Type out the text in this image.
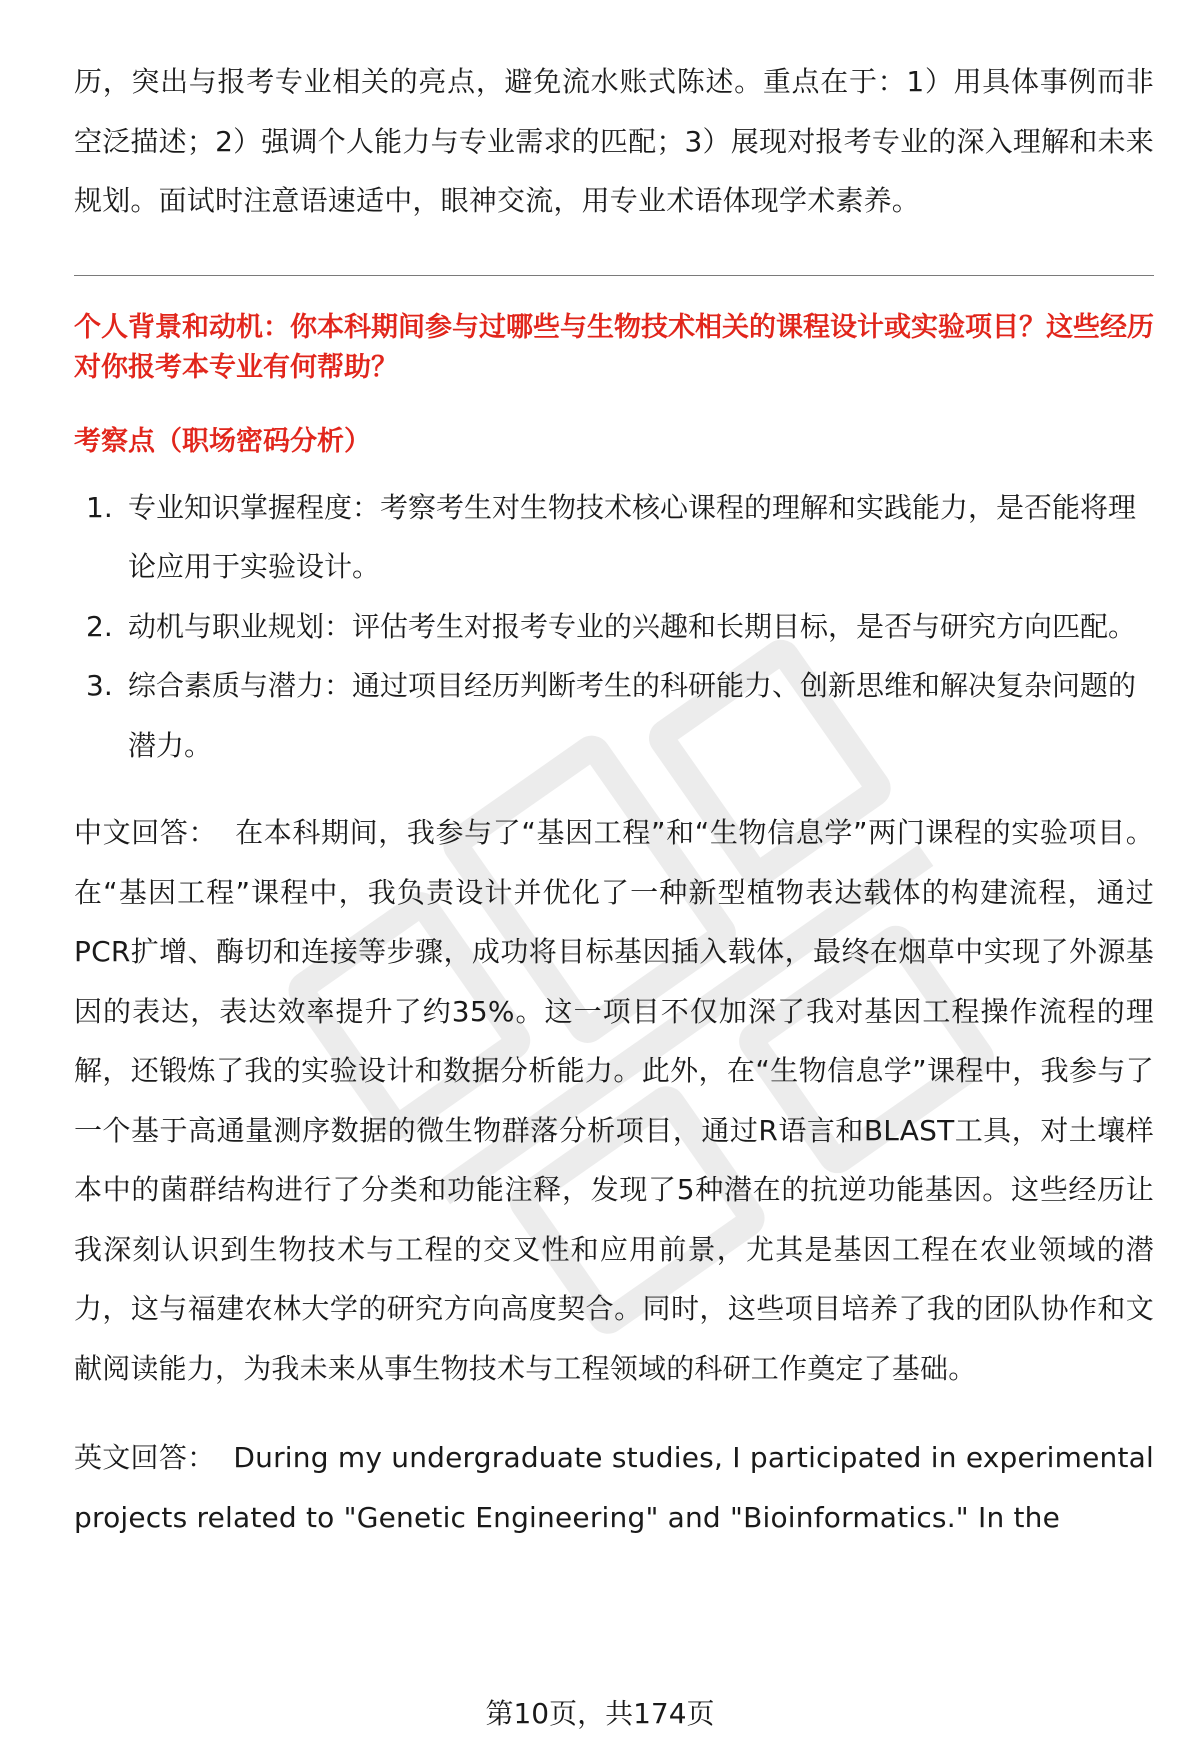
历，突出与报考专业相关的亮点，避免流水账式陈述。重点在于：1）用具体事例而非空泛描述；2）强调个人能力与专业需求的匹配；3）展现对报考专业的深入理解和未来规划。面试时注意语速适中，眼神交流，用专业术语体现学术素养。

个人背景和动机：你本科期间参与过哪些与生物技术相关的课程设计或实验项目？这些经历对你报考本专业有何帮助？

考察点（职场密码分析）
1. 专业知识掌握程度：考察考生对生物技术核心课程的理解和实践能力，是否能将理论应用于实验设计。
2. 动机与职业规划：评估考生对报考专业的兴趣和长期目标，是否与研究方向匹配。
3. 综合素质与潜力：通过项目经历判断考生的科研能力、创新思维和解决复杂问题的潜力。

中文回答： 在本科期间，我参与了“基因工程”和“生物信息学”两门课程的实验项目。在“基因工程”课程中，我负责设计并优化了一种新型植物表达载体的构建流程，通过PCR扩增、酶切和连接等步骤，成功将目标基因插入载体，最终在烟草中实现了外源基因的表达，表达效率提升了约35%。这一项目不仅加深了我对基因工程操作流程的理解，还锻炼了我的实验设计和数据分析能力。此外，在“生物信息学”课程中，我参与了一个基于高通量测序数据的微生物群落分析项目，通过R语言和BLAST工具，对土壤样本中的菌群结构进行了分类和功能注释，发现了5种潜在的抗逆功能基因。这些经历让我深刻认识到生物技术与工程的交叉性和应用前景，尤其是基因工程在农业领域的潜力，这与福建农林大学的研究方向高度契合。同时，这些项目培养了我的团队协作和文献阅读能力，为我未来从事生物技术与工程领域的科研工作奠定了基础。

英文回答： During my undergraduate studies, I participated in experimental projects related to "Genetic Engineering" and "Bioinformatics." In the

第10页，共174页
